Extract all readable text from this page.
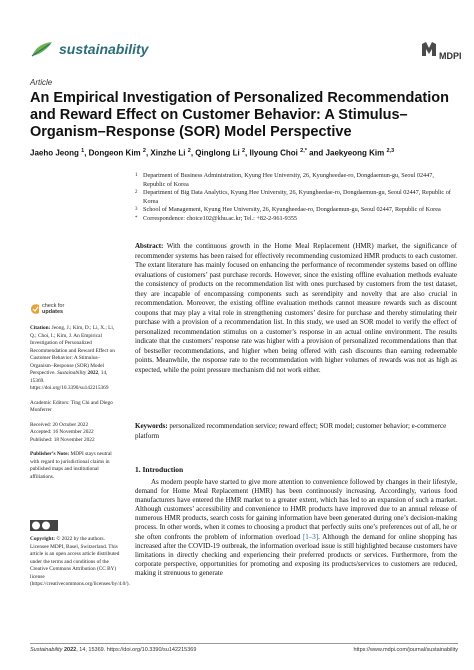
sustainability	MDPI
Article
An Empirical Investigation of Personalized Recommendation and Reward Effect on Customer Behavior: A Stimulus–Organism–Response (SOR) Model Perspective
Jaeho Jeong $^1$, Dongeon Kim $^2$, Xinzhe Li $^2$, Qinglong Li $^2$, Ilyoung Choi $^{2,*}$ and Jaekyeong Kim $^{2,3}$
1 Department of Business Administration, Kyung Hee University, 26, Kyungheedae-ro, Dongdaemun-gu, Seoul 02447, Republic of Korea
2 Department of Big Data Analytics, Kyung Hee University, 26, Kyungheedae-ro, Dongdaemun-gu, Seoul 02447, Republic of Korea
3 School of Management, Kyung Hee University, 26, Kyungheedae-ro, Dongdaemun-gu, Seoul 02447, Republic of Korea
* Correspondence: choice102@khu.ac.kr; Tel.: +82-2-961-9355
Abstract: With the continuous growth in the Home Meal Replacement (HMR) market, the significance of recommender systems has been raised for effectively recommending customized HMR products to each customer. The extant literature has mainly focused on enhancing the performance of recommender systems based on offline evaluations of customers’ past purchase records. However, since the existing offline evaluation methods evaluate the consistency of products on the recommendation list with ones purchased by customers from the test dataset, they are incapable of encompassing components such as serendipity and novelty that are also crucial in recommendation. Moreover, the existing offline evaluation methods cannot measure rewards such as discount coupons that may play a vital role in strengthening customers’ desire for purchase and thereby stimulating their purchase with a provision of a recommendation list. In this study, we used an SOR model to verify the effect of personalized recommendation stimulus on a customer’s response in an actual online environment. The results indicate that the customers’ response rate was higher with a provision of personalized recommendations than that of bestseller recommendations, and higher when being offered with cash discounts than earning redeemable points. Meanwhile, the response rate to the recommendation with higher volumes of rewards was not as high as expected, while the point pressure mechanism did not work either.
Keywords: personalized recommendation service; reward effect; SOR model; customer behavior; e-commerce platform
check for
updates

Citation: Jeong, J.; Kim, D.; Li, X.; Li, Q.; Choi, I.; Kim, J. An Empirical Investigation of Personalized Recommendation and Reward Effect on Customer Behavior: A Stimulus–Organism–Response (SOR) Model Perspective. Sustainability 2022, 14, 15369. https://doi.org/10.3390/su142215369

Academic Editors: Ting Chi and Diego Monferrer

Received: 20 October 2022
Accepted: 16 November 2022
Published: 18 November 2022

Publisher’s Note: MDPI stays neutral with regard to jurisdictional claims in published maps and institutional affiliations.

Copyright: © 2022 by the authors. Licensee MDPI, Basel, Switzerland. This article is an open access article distributed under the terms and conditions of the Creative Commons Attribution (CC BY) license (https://creativecommons.org/licenses/by/4.0/).
1. Introduction
As modern people have started to give more attention to convenience followed by changes in their lifestyle, demand for Home Meal Replacement (HMR) has been continuously increasing. Accordingly, various food manufacturers have entered the HMR market to a greater extent, which has led to an expansion of such a market. Although customers’ accessibility and convenience to HMR products have improved due to an annual release of numerous HMR products, search costs for gaining information have been generated during one’s decision-making process. In other words, when it comes to choosing a product that perfectly suits one’s preferences out of all, he or she often confronts the problem of information overload [1–3]. Although the demand for online shopping has increased after the COVID-19 outbreak, the information overload issue is still highlighted because customers have limitations in directly checking and experiencing their preferred products or services. Furthermore, from the corporate perspective, opportunities for promoting and exposing its products/services to customers are reduced, making it strenuous to generate
Sustainability 2022, 14, 15369. https://doi.org/10.3390/su142215369	https://www.mdpi.com/journal/sustainability
